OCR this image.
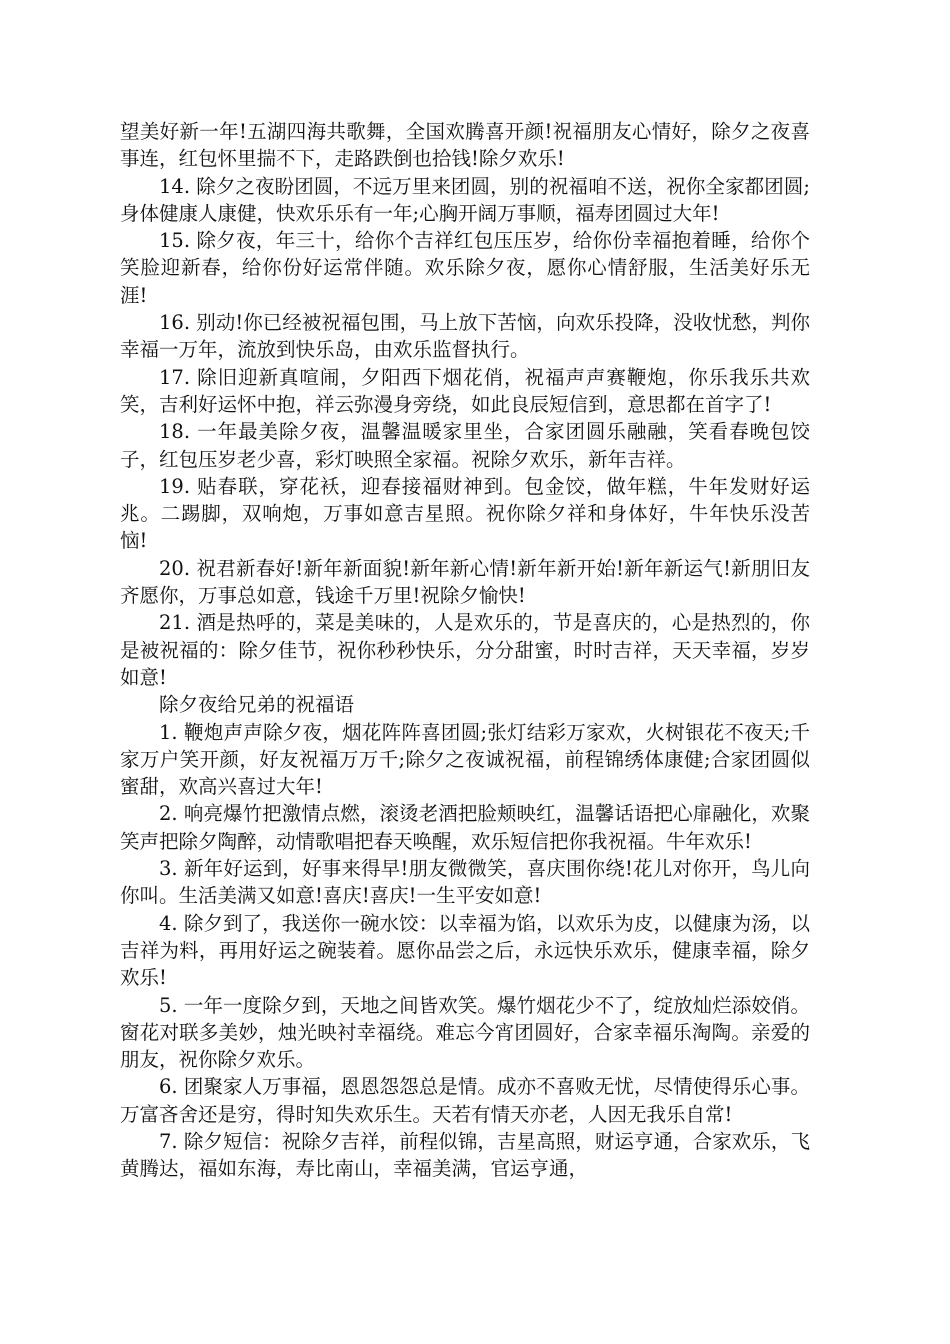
望美好新一年!五湖四海共歌舞，全国欢腾喜开颜!祝福朋友心情好，除夕之夜喜事连，红包怀里揣不下，走路跌倒也拾钱!除夕欢乐!

14. 除夕之夜盼团圆，不远万里来团圆，别的祝福咱不送，祝你全家都团圆;身体健康人康健，快欢乐乐有一年;心胸开阔万事顺，福寿团圆过大年!

15. 除夕夜，年三十，给你个吉祥红包压压岁，给你份幸福抱着睡，给你个笑脸迎新春，给你份好运常伴随。欢乐除夕夜，愿你心情舒服，生活美好乐无涯!

16. 别动!你已经被祝福包围，马上放下苦恼，向欢乐投降，没收忧愁，判你幸福一万年，流放到快乐岛，由欢乐监督执行。

17. 除旧迎新真喧闹，夕阳西下烟花俏，祝福声声赛鞭炮，你乐我乐共欢笑，吉利好运怀中抱，祥云弥漫身旁绕，如此良辰短信到，意思都在首字了!

18. 一年最美除夕夜，温馨温暖家里坐，合家团圆乐融融，笑看春晚包饺子，红包压岁老少喜，彩灯映照全家福。祝除夕欢乐，新年吉祥。

19. 贴春联，穿花袄，迎春接福财神到。包金饺，做年糕，牛年发财好运兆。二踢脚，双响炮，万事如意吉星照。祝你除夕祥和身体好，牛年快乐没苦恼!

20. 祝君新春好!新年新面貌!新年新心情!新年新开始!新年新运气!新朋旧友齐愿你，万事总如意，钱途千万里!祝除夕愉快!

21. 酒是热呼的，菜是美味的，人是欢乐的，节是喜庆的，心是热烈的，你是被祝福的：除夕佳节，祝你秒秒快乐，分分甜蜜，时时吉祥，天天幸福，岁岁如意!

除夕夜给兄弟的祝福语

1. 鞭炮声声除夕夜，烟花阵阵喜团圆;张灯结彩万家欢，火树银花不夜天;千家万户笑开颜，好友祝福万万千;除夕之夜诚祝福，前程锦绣体康健;合家团圆似蜜甜，欢高兴喜过大年!

2. 响亮爆竹把激情点燃，滚烫老酒把脸颊映红，温馨话语把心扉融化，欢聚笑声把除夕陶醉，动情歌唱把春天唤醒，欢乐短信把你我祝福。牛年欢乐!

3. 新年好运到，好事来得早!朋友微微笑，喜庆围你绕!花儿对你开，鸟儿向你叫。生活美满又如意!喜庆!喜庆!一生平安如意!

4. 除夕到了，我送你一碗水饺：以幸福为馅，以欢乐为皮，以健康为汤，以吉祥为料，再用好运之碗装着。愿你品尝之后，永远快乐欢乐，健康幸福，除夕欢乐!

5. 一年一度除夕到，天地之间皆欢笑。爆竹烟花少不了，绽放灿烂添姣俏。窗花对联多美妙，烛光映衬幸福绕。难忘今宵团圆好，合家幸福乐淘陶。亲爱的朋友，祝你除夕欢乐。

6. 团聚家人万事福，恩恩怨怨总是情。成亦不喜败无忧，尽情使得乐心事。万富吝舍还是穷，得时知失欢乐生。天若有情天亦老，人因无我乐自常!

7. 除夕短信：祝除夕吉祥，前程似锦，吉星高照，财运亨通，合家欢乐，飞黄腾达，福如东海，寿比南山，幸福美满，官运亨通，
